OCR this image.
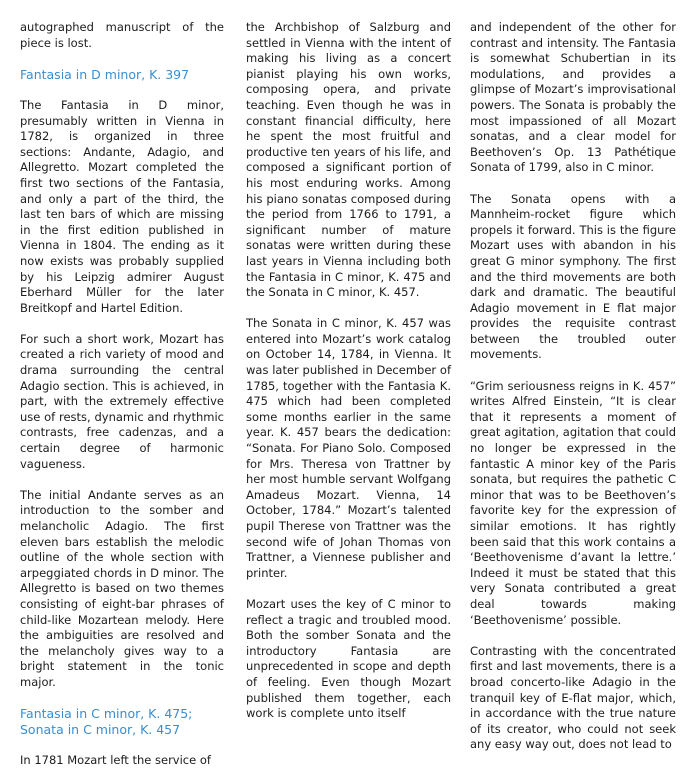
autographed manuscript of the piece is lost.

Fantasia in D minor, K. 397

The Fantasia in D minor, presumably written in Vienna in 1782, is organized in three sections: Andante, Adagio, and Allegretto. Mozart completed the first two sections of the Fantasia, and only a part of the third, the last ten bars of which are missing in the first edition published in Vienna in 1804. The ending as it now exists was probably supplied by his Leipzig admirer August Eberhard Müller for the later Breitkopf and Hartel Edition.

For such a short work, Mozart has created a rich variety of mood and drama surrounding the central Adagio section. This is achieved, in part, with the extremely effective use of rests, dynamic and rhythmic contrasts, free cadenzas, and a certain degree of harmonic vagueness.

The initial Andante serves as an introduction to the somber and melancholic Adagio. The first eleven bars establish the melodic outline of the whole section with arpeggiated chords in D minor. The Allegretto is based on two themes consisting of eight-bar phrases of child-like Mozartean melody. Here the ambiguities are resolved and the melancholy gives way to a bright statement in the tonic major.

Fantasia in C minor, K. 475;
Sonata in C minor, K. 457

In 1781 Mozart left the service of

the Archbishop of Salzburg and settled in Vienna with the intent of making his living as a concert pianist playing his own works, composing opera, and private teaching. Even though he was in constant financial difficulty, here he spent the most fruitful and productive ten years of his life, and composed a significant portion of his most enduring works. Among his piano sonatas composed during the period from 1766 to 1791, a significant number of mature sonatas were written during these last years in Vienna including both the Fantasia in C minor, K. 475 and the Sonata in C minor, K. 457.

The Sonata in C minor, K. 457 was entered into Mozart’s work catalog on October 14, 1784, in Vienna. It was later published in December of 1785, together with the Fantasia K. 475 which had been completed some months earlier in the same year. K. 457 bears the dedication: “Sonata. For Piano Solo. Composed for Mrs. Theresa von Trattner by her most humble servant Wolfgang Amadeus Mozart. Vienna, 14 October, 1784.” Mozart’s talented pupil Therese von Trattner was the second wife of Johan Thomas von Trattner, a Viennese publisher and printer.

Mozart uses the key of C minor to reflect a tragic and troubled mood. Both the somber Sonata and the introductory Fantasia are unprecedented in scope and depth of feeling. Even though Mozart published them together, each work is complete unto itself

and independent of the other for contrast and intensity. The Fantasia is somewhat Schubertian in its modulations, and provides a glimpse of Mozart’s improvisational powers. The Sonata is probably the most impassioned of all Mozart sonatas, and a clear model for Beethoven’s Op. 13 Pathétique Sonata of 1799, also in C minor.

The Sonata opens with a Mannheim-rocket figure which propels it forward. This is the figure Mozart uses with abandon in his great G minor symphony. The first and the third movements are both dark and dramatic. The beautiful Adagio movement in E flat major provides the requisite contrast between the troubled outer movements.

“Grim seriousness reigns in K. 457” writes Alfred Einstein, “It is clear that it represents a moment of great agitation, agitation that could no longer be expressed in the fantastic A minor key of the Paris sonata, but requires the pathetic C minor that was to be Beethoven’s favorite key for the expression of similar emotions. It has rightly been said that this work contains a ‘Beethovenisme d’avant la lettre.’ Indeed it must be stated that this very Sonata contributed a great deal towards making ‘Beethovenisme’ possible.

Contrasting with the concentrated first and last movements, there is a broad concerto-like Adagio in the tranquil key of E-flat major, which, in accordance with the true nature of its creator, who could not seek any easy way out, does not lead to
